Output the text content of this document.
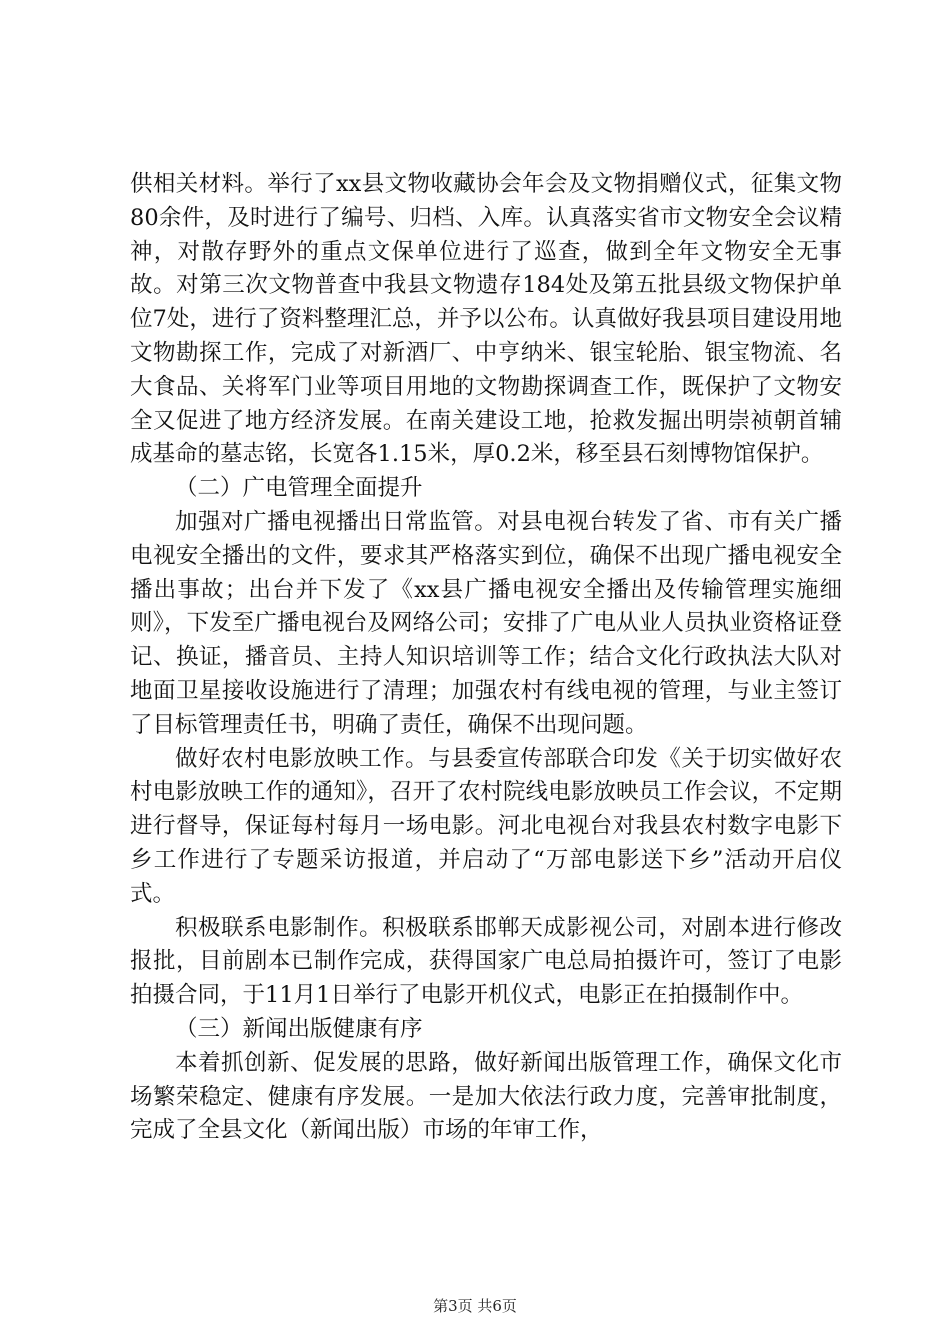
供相关材料。举行了xx县文物收藏协会年会及文物捐赠仪式，征集文物80余件，及时进行了编号、归档、入库。认真落实省市文物安全会议精神，对散存野外的重点文保单位进行了巡查，做到全年文物安全无事故。对第三次文物普查中我县文物遗存184处及第五批县级文物保护单位7处，进行了资料整理汇总，并予以公布。认真做好我县项目建设用地文物勘探工作，完成了对新酒厂、中亨纳米、银宝轮胎、银宝物流、名大食品、关将军门业等项目用地的文物勘探调查工作，既保护了文物安全又促进了地方经济发展。在南关建设工地，抢救发掘出明崇祯朝首辅成基命的墓志铭，长宽各1.15米，厚0.2米，移至县石刻博物馆保护。

（二）广电管理全面提升

加强对广播电视播出日常监管。对县电视台转发了省、市有关广播电视安全播出的文件，要求其严格落实到位，确保不出现广播电视安全播出事故；出台并下发了《xx县广播电视安全播出及传输管理实施细则》，下发至广播电视台及网络公司；安排了广电从业人员执业资格证登记、换证，播音员、主持人知识培训等工作；结合文化行政执法大队对地面卫星接收设施进行了清理；加强农村有线电视的管理，与业主签订了目标管理责任书，明确了责任，确保不出现问题。

做好农村电影放映工作。与县委宣传部联合印发《关于切实做好农村电影放映工作的通知》，召开了农村院线电影放映员工作会议，不定期进行督导，保证每村每月一场电影。河北电视台对我县农村数字电影下乡工作进行了专题采访报道，并启动了“万部电影送下乡”活动开启仪式。

积极联系电影制作。积极联系邯郸天成影视公司，对剧本进行修改报批，目前剧本已制作完成，获得国家广电总局拍摄许可，签订了电影拍摄合同，于11月1日举行了电影开机仪式，电影正在拍摄制作中。

（三）新闻出版健康有序

本着抓创新、促发展的思路，做好新闻出版管理工作，确保文化市场繁荣稳定、健康有序发展。一是加大依法行政力度，完善审批制度，完成了全县文化（新闻出版）市场的年审工作，

第3页 共6页
